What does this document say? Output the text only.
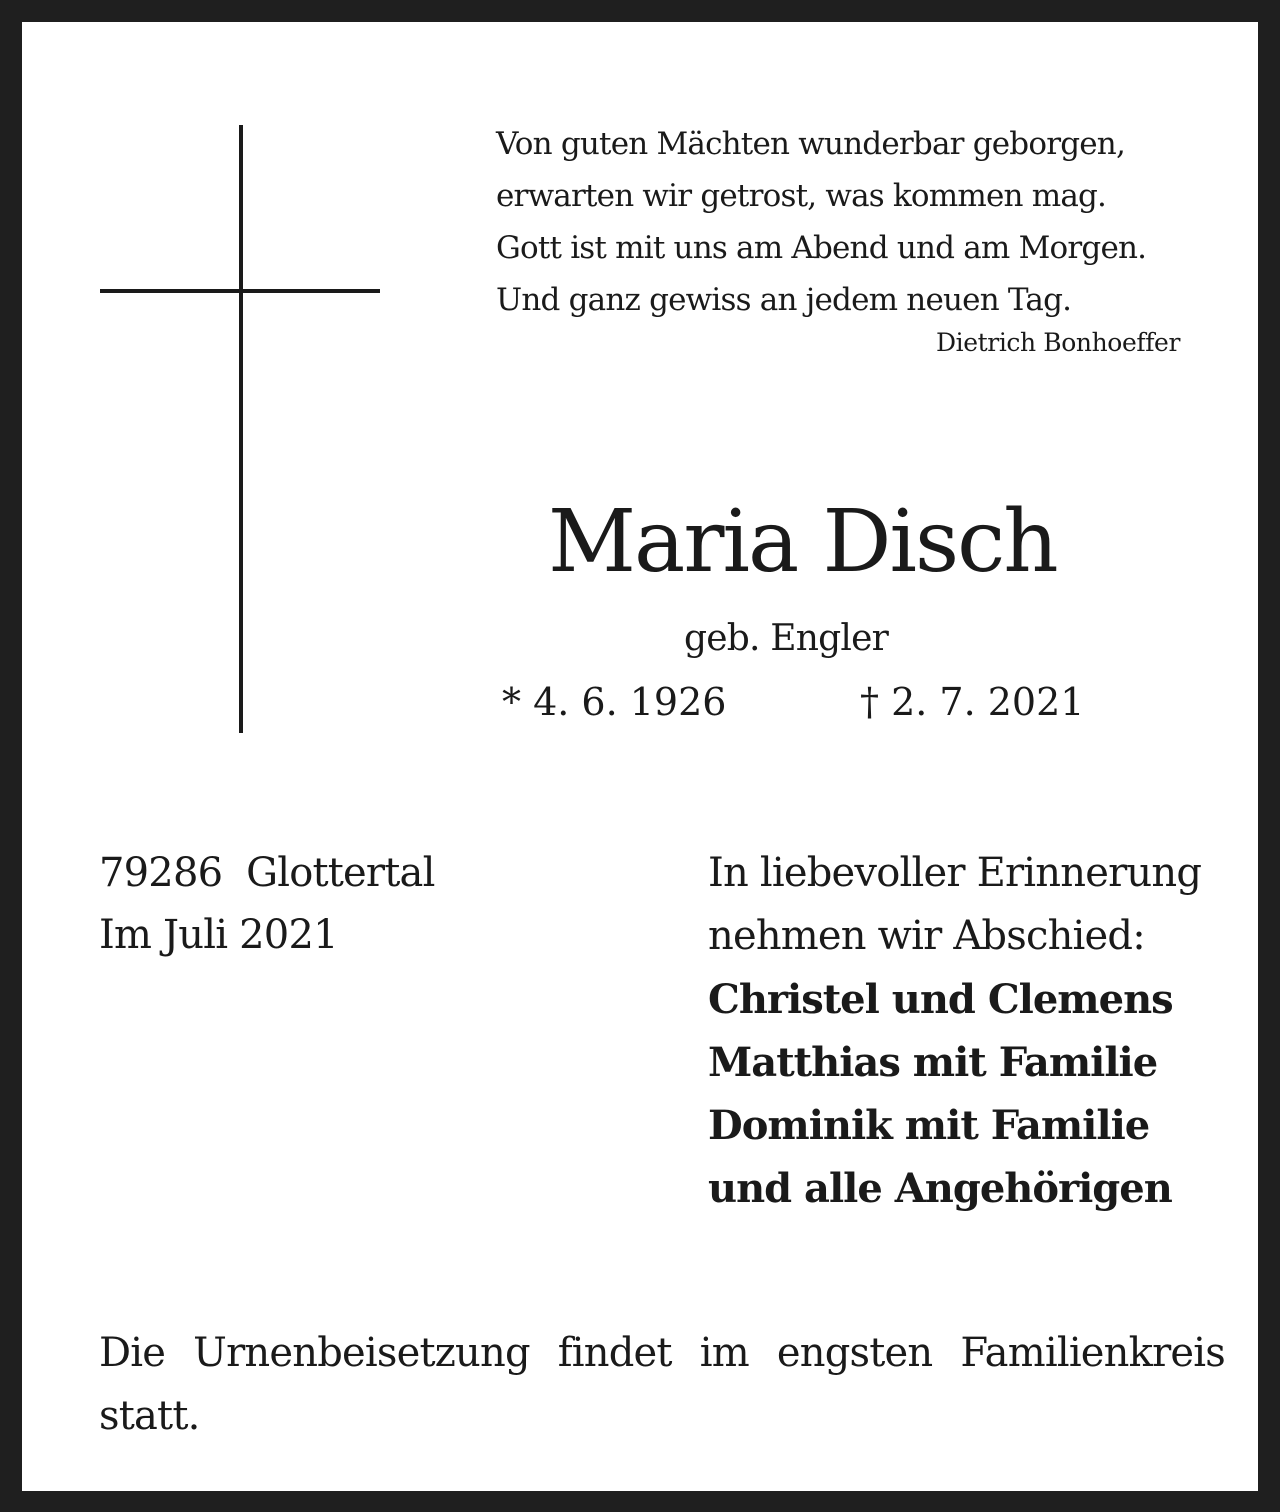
Von guten Mächten wunderbar geborgen,
erwarten wir getrost, was kommen mag.
Gott ist mit uns am Abend und am Morgen.
Und ganz gewiss an jedem neuen Tag.
Dietrich Bonhoeffer
Maria Disch
geb. Engler
* 4. 6. 1926	† 2. 7. 2021
79286  Glottertal
Im Juli 2021
In liebevoller Erinnerung
nehmen wir Abschied:
Christel und Clemens
Matthias mit Familie
Dominik mit Familie
und alle Angehörigen
Die Urnenbeisetzung findet im engsten Familienkreis statt.
